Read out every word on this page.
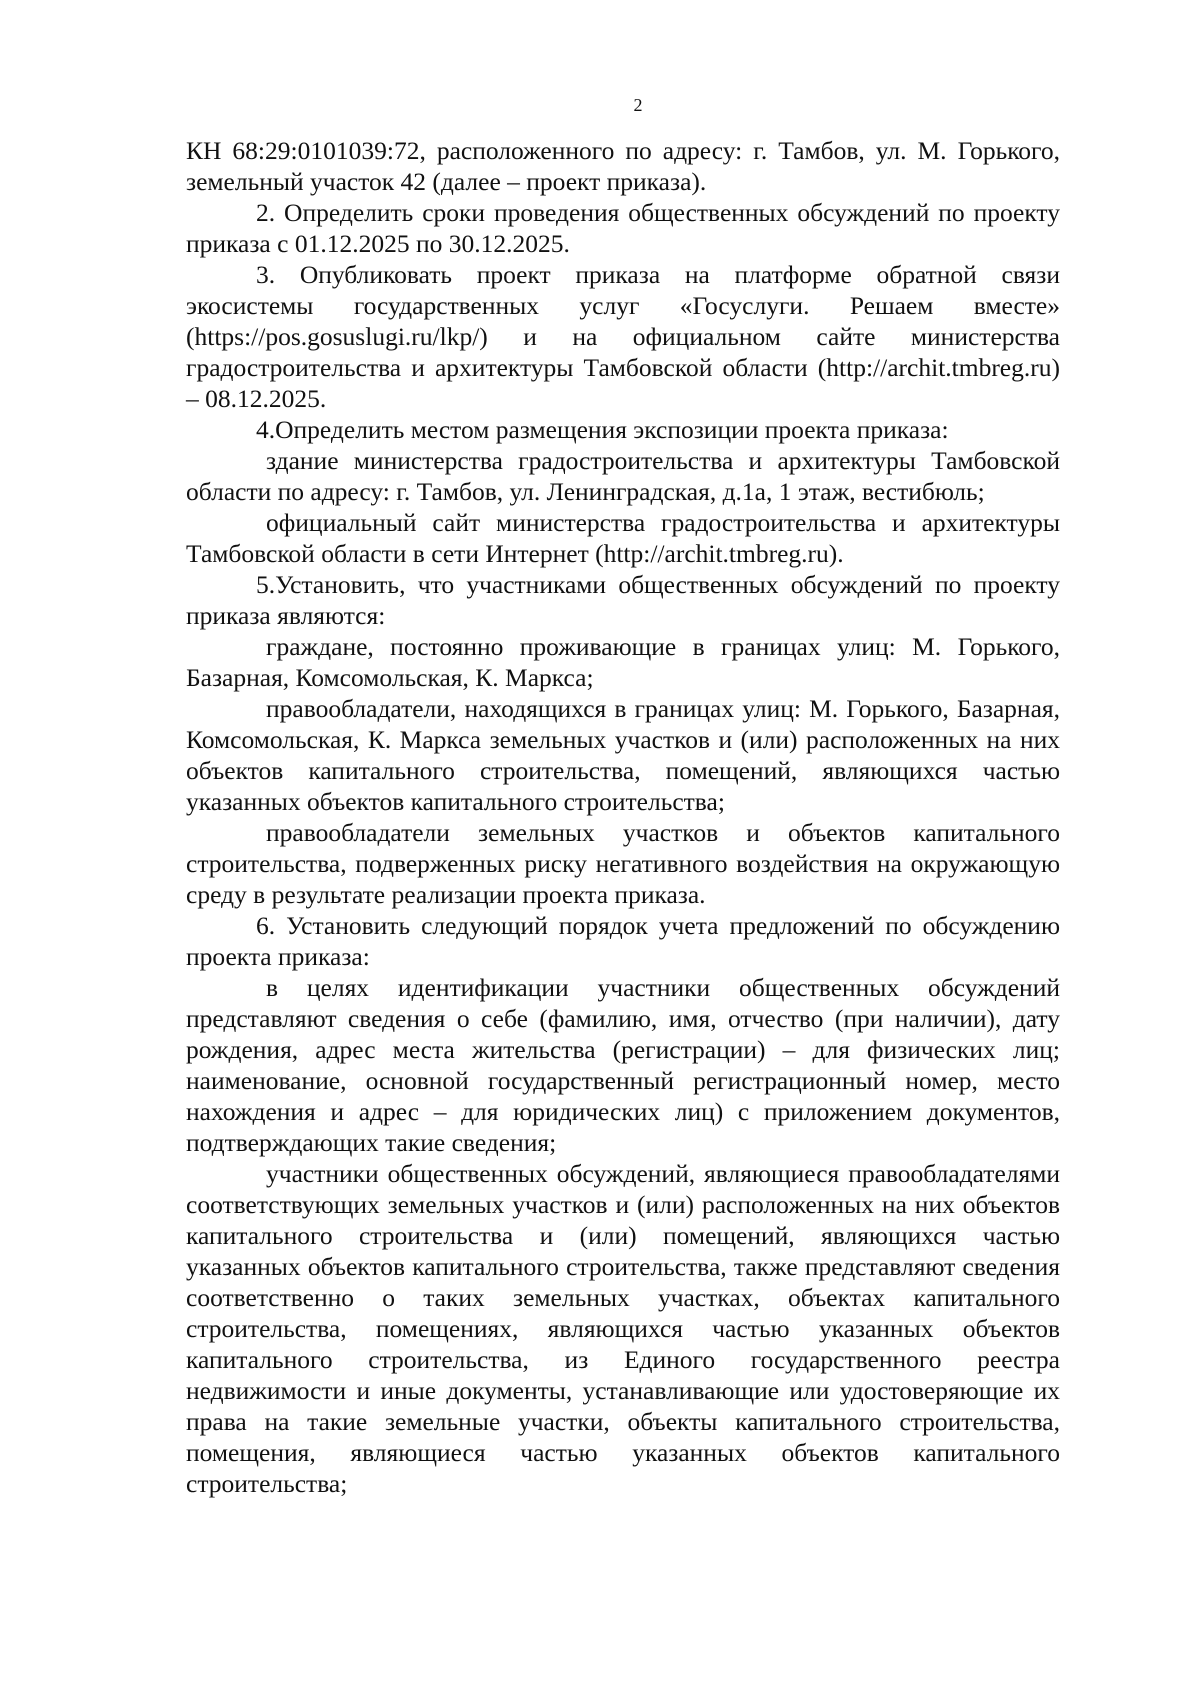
2

КН 68:29:0101039:72, расположенного по адресу: г. Тамбов, ул. М. Горького, земельный участок 42 (далее – проект приказа).

2. Определить сроки проведения общественных обсуждений по проекту приказа с 01.12.2025 по 30.12.2025.

3. Опубликовать проект приказа на платформе обратной связи экосистемы государственных услуг «Госуслуги. Решаем вместе» (https://pos.gosuslugi.ru/lkp/) и на официальном сайте министерства градостроительства и архитектуры Тамбовской области (http://archit.tmbreg.ru) – 08.12.2025.

4.Определить местом размещения экспозиции проекта приказа:

здание министерства градостроительства и архитектуры Тамбовской области по адресу: г. Тамбов, ул. Ленинградская, д.1а, 1 этаж, вестибюль;

официальный сайт министерства градостроительства и архитектуры Тамбовской области в сети Интернет (http://archit.tmbreg.ru).

5.Установить, что участниками общественных обсуждений по проекту приказа являются:

граждане, постоянно проживающие в границах улиц: М. Горького, Базарная, Комсомольская, К. Маркса;

правообладатели, находящихся в границах улиц: М. Горького, Базарная, Комсомольская, К. Маркса земельных участков и (или) расположенных на них объектов капитального строительства, помещений, являющихся частью указанных объектов капитального строительства;

правообладатели земельных участков и объектов капитального строительства, подверженных риску негативного воздействия на окружающую среду в результате реализации проекта приказа.

6. Установить следующий порядок учета предложений по обсуждению проекта приказа:

в целях идентификации участники общественных обсуждений представляют сведения о себе (фамилию, имя, отчество (при наличии), дату рождения, адрес места жительства (регистрации) – для физических лиц; наименование, основной государственный регистрационный номер, место нахождения и адрес – для юридических лиц) с приложением документов, подтверждающих такие сведения;

участники общественных обсуждений, являющиеся правообладателями соответствующих земельных участков и (или) расположенных на них объектов капитального строительства и (или) помещений, являющихся частью указанных объектов капитального строительства, также представляют сведения соответственно о таких земельных участках, объектах капитального строительства, помещениях, являющихся частью указанных объектов капитального строительства, из Единого государственного реестра недвижимости и иные документы, устанавливающие или удостоверяющие их права на такие земельные участки, объекты капитального строительства, помещения, являющиеся частью указанных объектов капитального строительства;
